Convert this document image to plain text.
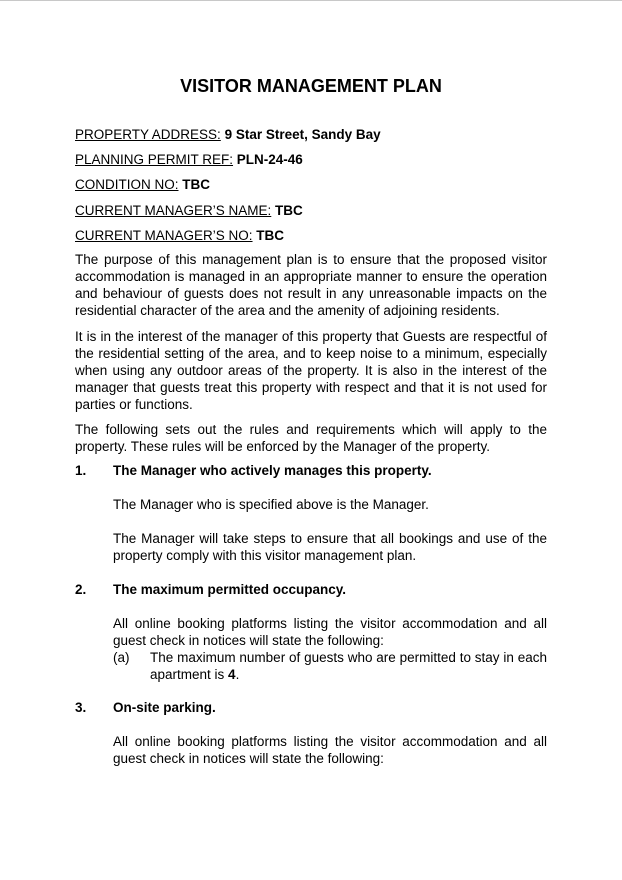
VISITOR MANAGEMENT PLAN
PROPERTY ADDRESS: 9 Star Street, Sandy Bay
PLANNING PERMIT REF: PLN-24-46
CONDITION NO: TBC
CURRENT MANAGER’S NAME: TBC
CURRENT MANAGER’S NO: TBC

The purpose of this management plan is to ensure that the proposed visitor accommodation is managed in an appropriate manner to ensure the operation and behaviour of guests does not result in any unreasonable impacts on the residential character of the area and the amenity of adjoining residents.

It is in the interest of the manager of this property that Guests are respectful of the residential setting of the area, and to keep noise to a minimum, especially when using any outdoor areas of the property. It is also in the interest of the manager that guests treat this property with respect and that it is not used for parties or functions.

The following sets out the rules and requirements which will apply to the property. These rules will be enforced by the Manager of the property.

1. The Manager who actively manages this property.

The Manager who is specified above is the Manager.

The Manager will take steps to ensure that all bookings and use of the property comply with this visitor management plan.

2. The maximum permitted occupancy.

All online booking platforms listing the visitor accommodation and all guest check in notices will state the following:

(a) The maximum number of guests who are permitted to stay in each apartment is 4.

3. On-site parking.

All online booking platforms listing the visitor accommodation and all guest check in notices will state the following:
